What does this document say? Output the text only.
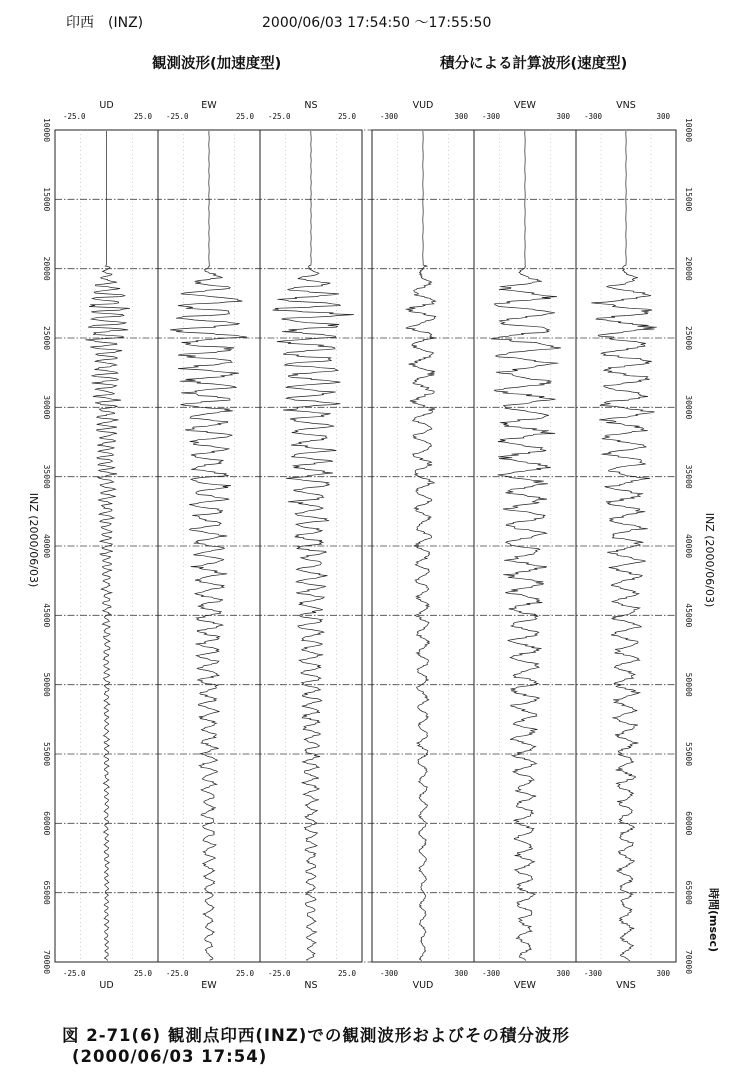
印西　(INZ)	2000/06/03 17:54:50 〜17:55:50
観測波形(加速度型)	積分による計算波形(速度型)
INZ (2000/06/03)	INZ (2000/06/03)
時間(msec)
10000	10000
15000	15000
20000	20000
25000	25000
30000	30000
35000	35000
40000	40000
45000	45000
50000	50000
55000	55000
60000	60000
65000	65000
70000	70000
UD
UD
-25.0	25.0
-25.0	25.0
EW
EW
-25.0	25.0
-25.0	25.0
NS
NS
-25.0	25.0
-25.0	25.0
VUD
VUD
-300	300
-300	300
VEW
VEW
-300	300
-300	300
VNS
VNS
-300	300
-300	300
図 2-71(6) 観測点印西(INZ)での観測波形およびその積分波形
(2000/06/03 17:54)
